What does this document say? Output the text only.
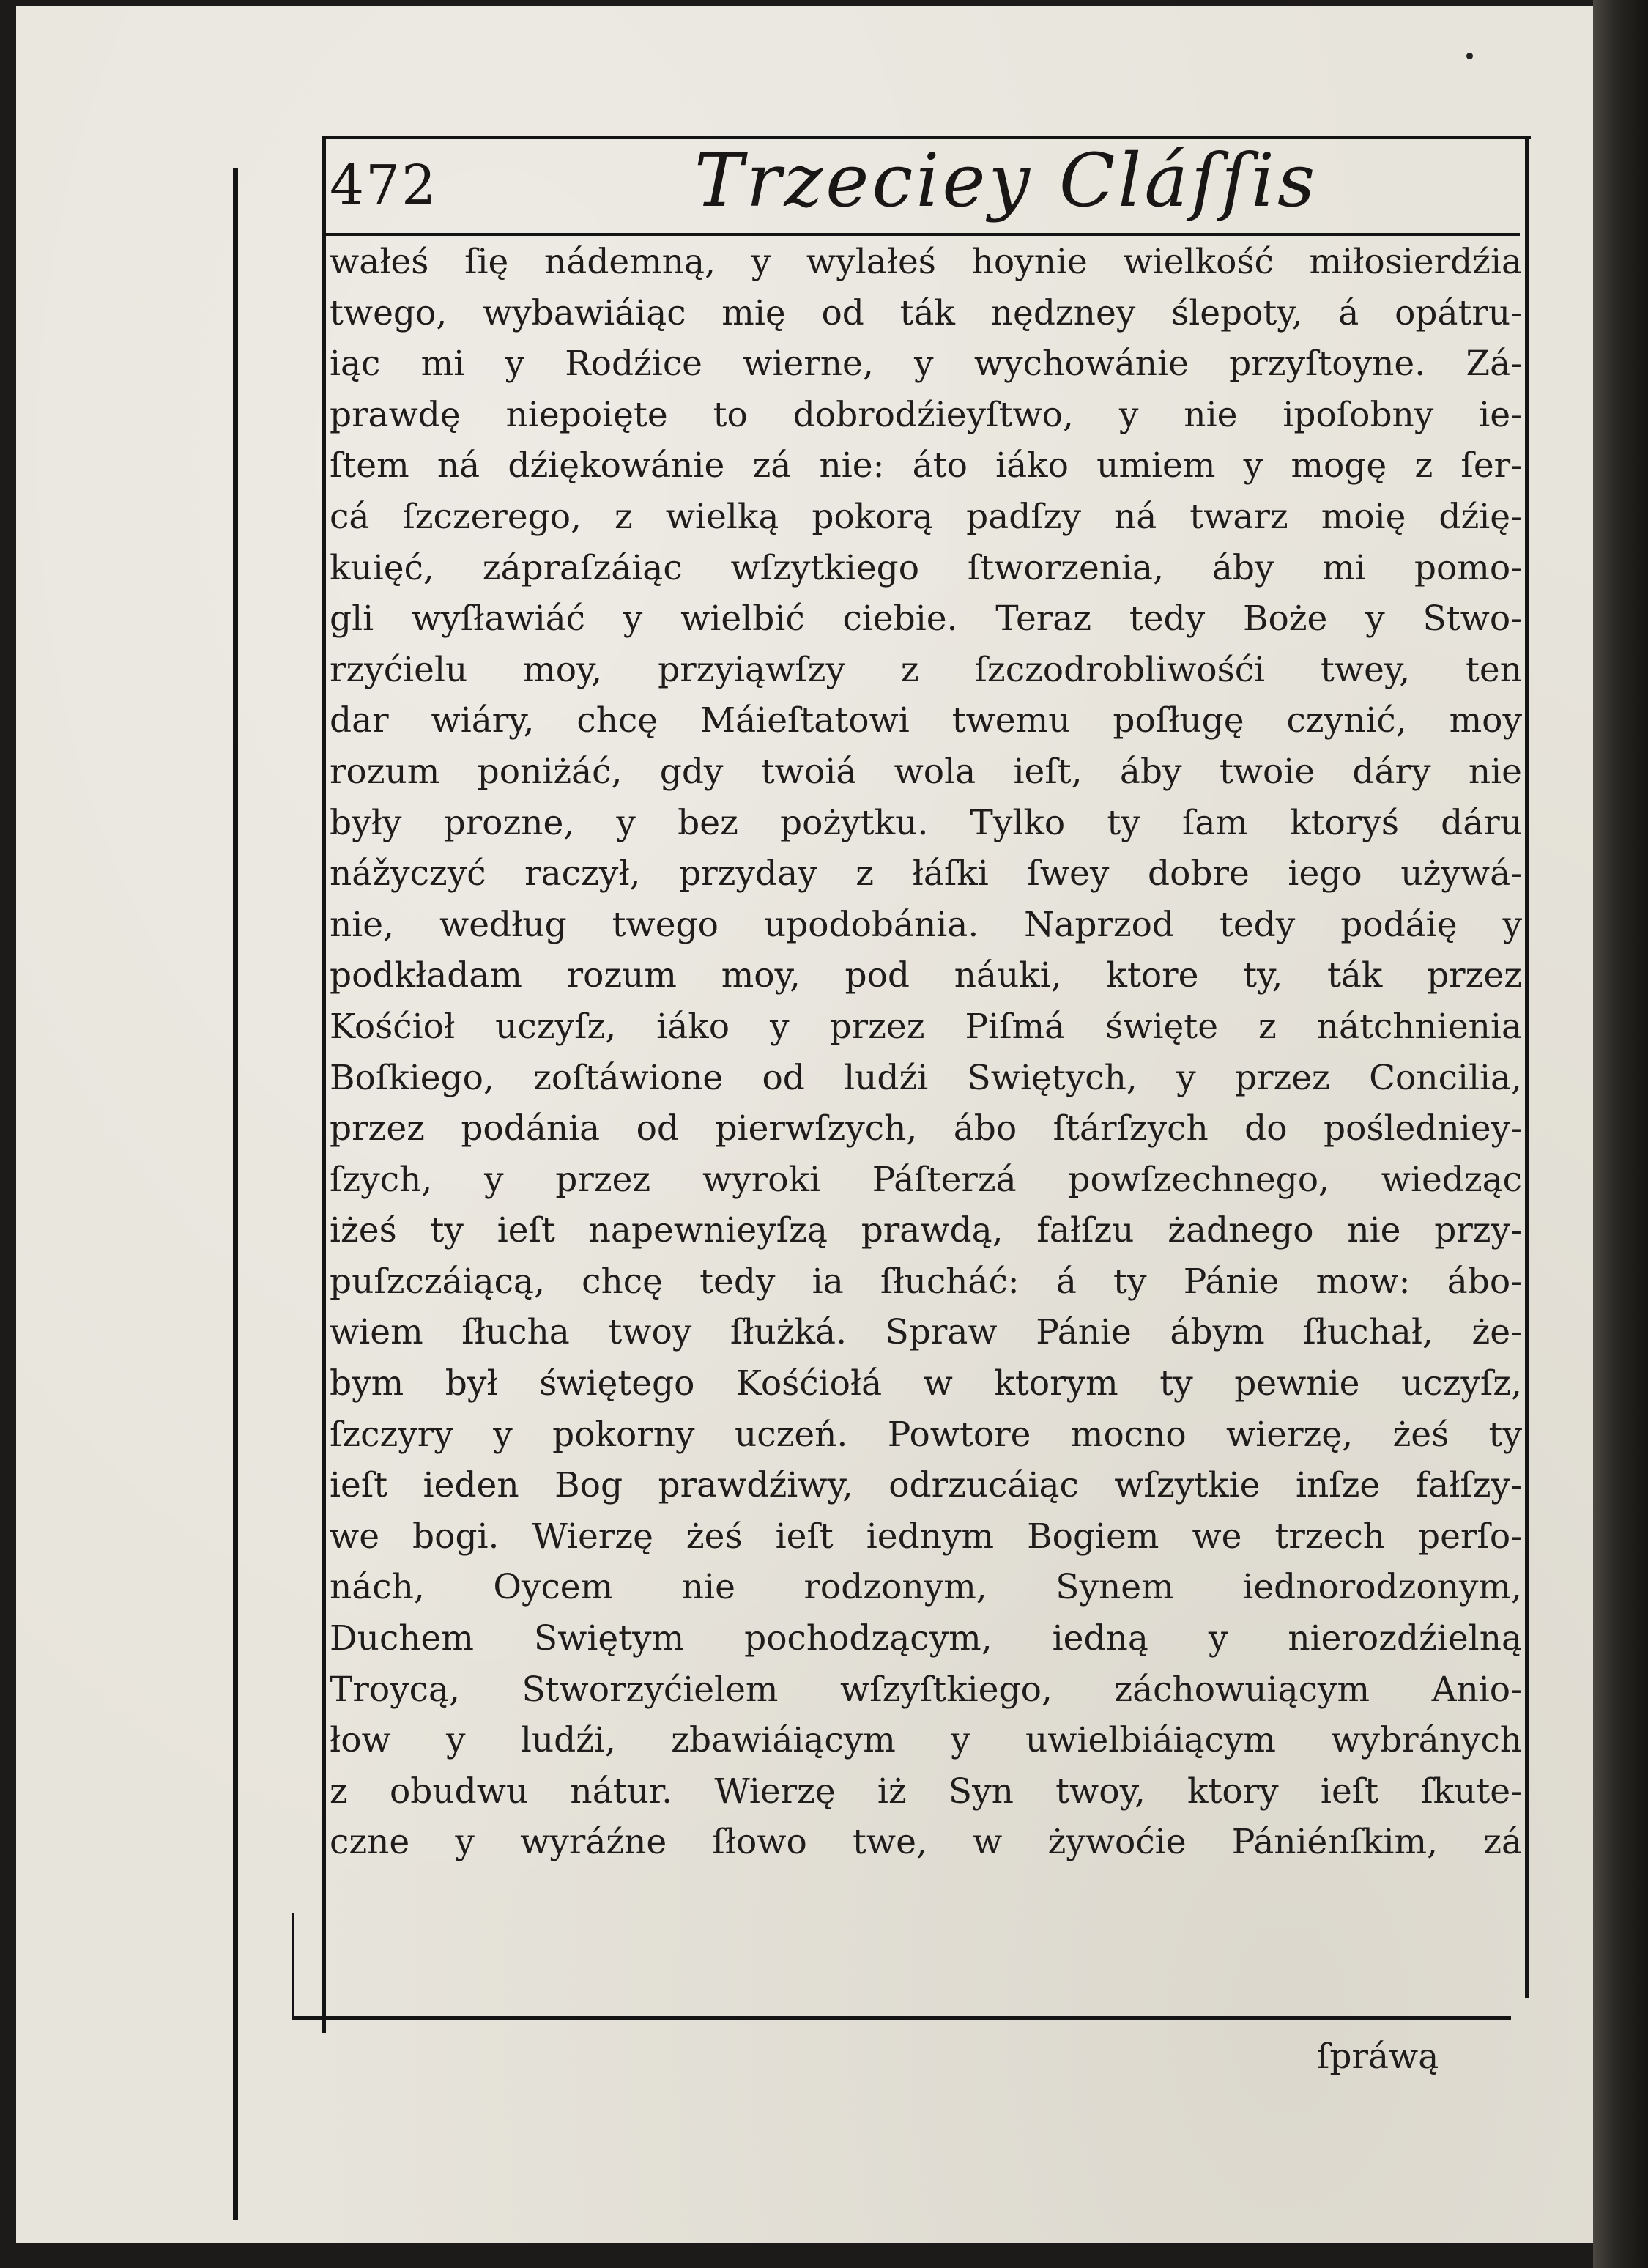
472	Trzeciey Cláſſis
wałeś ſię nádemną, y wylałeś hoynie wielkość miłosierdźia
twego, wybawiáiąc mię od ták nędzney ślepoty, á opátru-
iąc mi y Rodźice wierne, y wychowánie przyſtoyne. Zá-
prawdę niepoięte to dobrodźieyſtwo, y nie ipoſobny ie-
ſtem ná dźiękowánie zá nie: áto iáko umiem y mogę z ſer-
cá ſzczerego, z wielką pokorą padſzy ná twarz moię dźię-
kuięć, zápraſzáiąc wſzytkiego ſtworzenia, áby mi pomo-
gli wyſławiáć y wielbić ciebie. Teraz tedy Boże y Stwo-
rzyćielu moy, przyiąwſzy z ſzczodrobliwośći twey, ten
dar wiáry, chcę Máieſtatowi twemu poſługę czynić, moy
rozum poniżáć, gdy twoiá wola ieſt, áby twoie dáry nie
były prozne, y bez pożytku. Tylko ty ſam ktoryś dáru
nážyczyć raczył, przyday z łáſki ſwey dobre iego używá-
nie, według twego upodobánia. Naprzod tedy podáię y
podkładam rozum moy, pod náuki, ktore ty, ták przez
Kośćioł uczyſz, iáko y przez Piſmá święte z nátchnienia
Boſkiego, zoſtáwione od ludźi Swiętych, y przez Concilia,
przez podánia od pierwſzych, ábo ſtárſzych do pośledniey-
ſzych, y przez wyroki Páſterzá powſzechnego, wiedząc
iżeś ty ieſt napewnieyſzą prawdą, fałſzu żadnego nie przy-
puſzczáiącą, chcę tedy ia ſłucháć: á ty Pánie mow: ábo-
wiem ſłucha twoy ſłużká. Spraw Pánie ábym ſłuchał, że-
bym był świętego Kośćiołá w ktorym ty pewnie uczyſz,
ſzczyry y pokorny uczeń. Powtore mocno wierzę, żeś ty
ieſt ieden Bog prawdźiwy, odrzucáiąc wſzytkie inſze fałſzy-
we bogi. Wierzę żeś ieſt iednym Bogiem we trzech perſo-
nách, Oycem nie rodzonym, Synem iednorodzonym,
Duchem Swiętym pochodzącym, iedną y nierozdźielną
Troycą, Stworzyćielem wſzyſtkiego, záchowuiącym Anio-
łow y ludźi, zbawiáiącym y uwielbiáiącym wybránych
z obudwu nátur. Wierzę iż Syn twoy, ktory ieſt ſkute-
czne y wyráźne ſłowo twe, w żywoćie Pániénſkim, zá
ſpráwą
